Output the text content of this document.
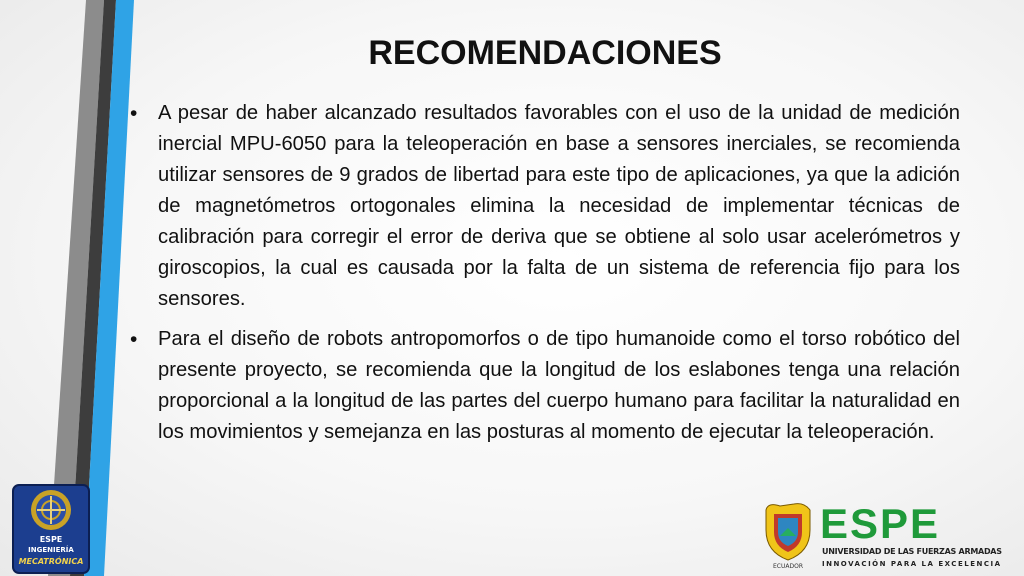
RECOMENDACIONES
• A pesar de haber alcanzado resultados favorables con el uso de la unidad de medición inercial MPU-6050 para la teleoperación en base a sensores inerciales, se recomienda utilizar sensores de 9 grados de libertad para este tipo de aplicaciones, ya que la adición de magnetómetros ortogonales elimina la necesidad de implementar técnicas de calibración para corregir el error de deriva que se obtiene al solo usar acelerómetros y giroscopios, la cual es causada por la falta de un sistema de referencia fijo para los sensores.
• Para el diseño de robots antropomorfos o de tipo humanoide como el torso robótico del presente proyecto, se recomienda que la longitud de los eslabones tenga una relación proporcional a la longitud de las partes del cuerpo humano para facilitar la naturalidad en los movimientos y semejanza en las posturas al momento de ejecutar la teleoperación.
ESPE
INGENIERÍA
MECATRÓNICA
ECUADOR
ESPE
UNIVERSIDAD DE LAS FUERZAS ARMADAS
INNOVACIÓN PARA LA EXCELENCIA
